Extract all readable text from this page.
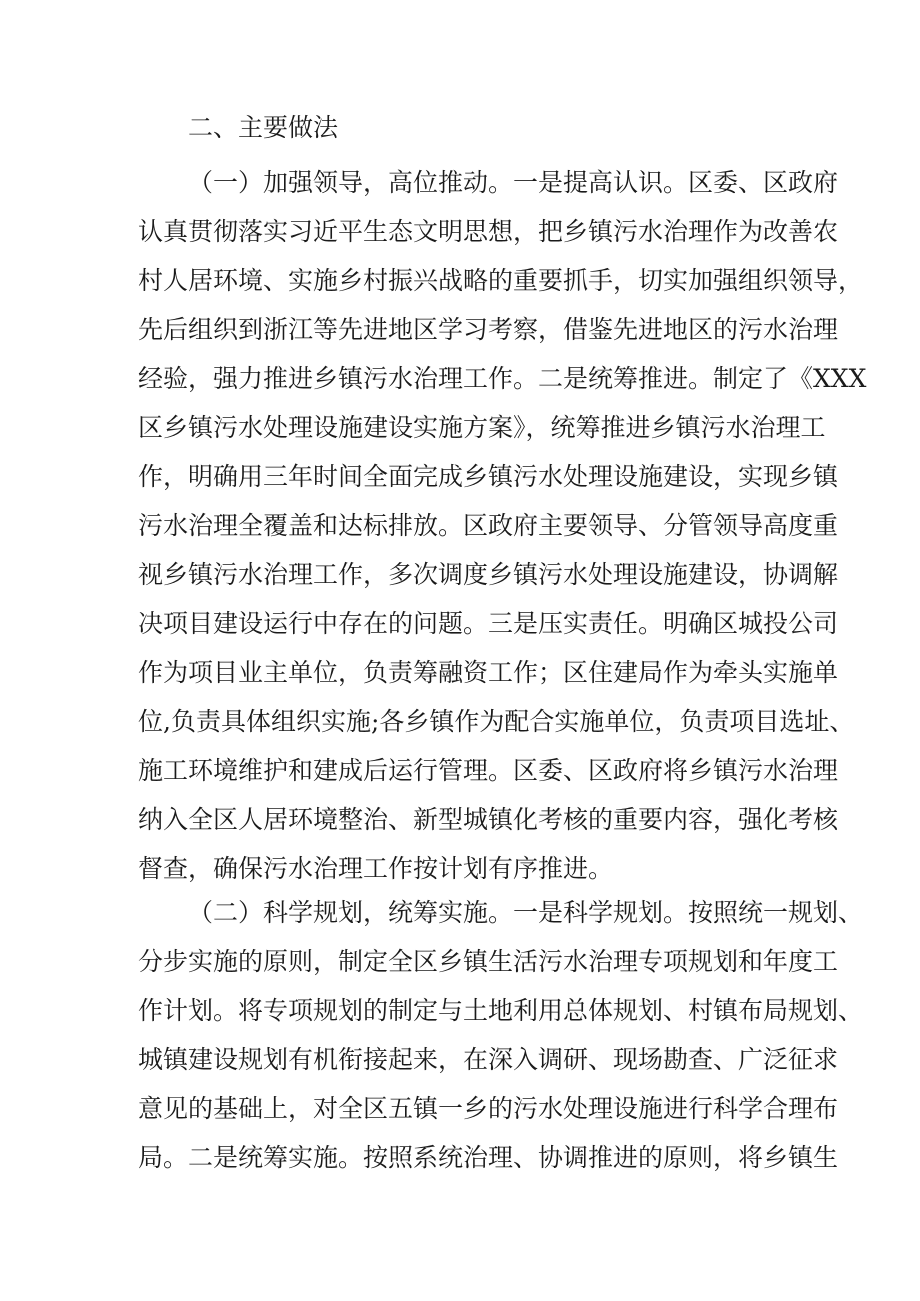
二、主要做法

（一）加强领导，高位推动。一是提高认识。区委、区政府
认真贯彻落实习近平生态文明思想，把乡镇污水治理作为改善农
村人居环境、实施乡村振兴战略的重要抓手，切实加强组织领导，
先后组织到浙江等先进地区学习考察，借鉴先进地区的污水治理
经验，强力推进乡镇污水治理工作。二是统筹推进。制定了《XXX
区乡镇污水处理设施建设实施方案》，统筹推进乡镇污水治理工
作，明确用三年时间全面完成乡镇污水处理设施建设，实现乡镇
污水治理全覆盖和达标排放。区政府主要领导、分管领导高度重
视乡镇污水治理工作，多次调度乡镇污水处理设施建设，协调解
决项目建设运行中存在的问题。三是压实责任。明确区城投公司
作为项目业主单位，负责筹融资工作；区住建局作为牵头实施单
位,负责具体组织实施;各乡镇作为配合实施单位，负责项目选址、
施工环境维护和建成后运行管理。区委、区政府将乡镇污水治理
纳入全区人居环境整治、新型城镇化考核的重要内容，强化考核
督查，确保污水治理工作按计划有序推进。

（二）科学规划，统筹实施。一是科学规划。按照统一规划、
分步实施的原则，制定全区乡镇生活污水治理专项规划和年度工
作计划。将专项规划的制定与土地利用总体规划、村镇布局规划、
城镇建设规划有机衔接起来，在深入调研、现场勘查、广泛征求
意见的基础上，对全区五镇一乡的污水处理设施进行科学合理布
局。二是统筹实施。按照系统治理、协调推进的原则，将乡镇生
